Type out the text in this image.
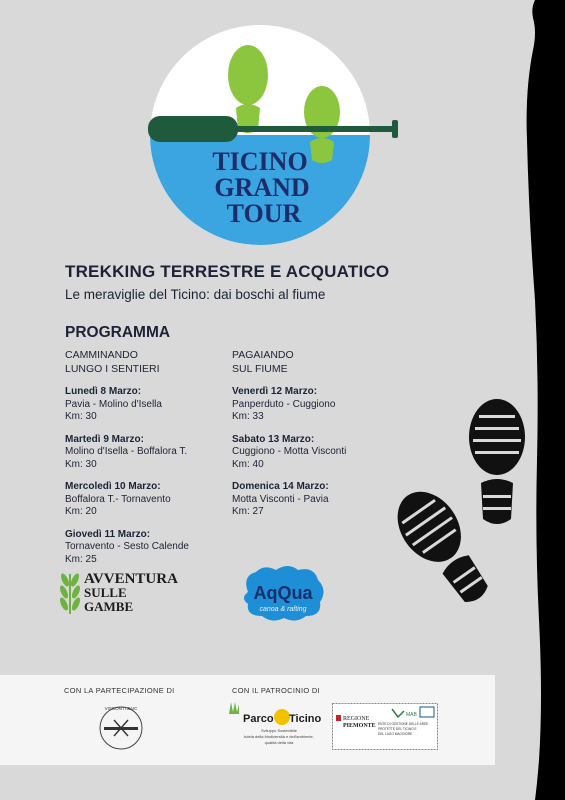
TICINO
GRAND
TOUR
TREKKING TERRESTRE E ACQUATICO
Le meraviglie del Ticino: dai boschi al fiume
PROGRAMMA
CAMMINANDO
LUNGO I SENTIERI
Lunedì 8 Marzo:
Pavia - Molino d'Isella
Km: 30
Martedì 9 Marzo:
Molino d'Isella - Boffalora T.
Km: 30
Mercoledì 10 Marzo:
Boffalora T.- Tornavento
Km: 20
Giovedì 11 Marzo:
Tornavento - Sesto Calende
Km: 25
PAGAIANDO
SUL FIUME
Venerdì 12 Marzo:
Panperduto - Cuggiono
Km: 33
Sabato 13 Marzo:
Cuggiono - Motta Visconti
Km: 40
Domenica 14 Marzo:
Motta Visconti - Pavia
Km: 27
AVVENTURA
SULLE
GAMBE
AqQua
canoa & rafting
CON LA PARTECIPAZIONE DI	CON IL PATROCINIO DI
VISCONTI ZAIC
Parco Ticino
Sviluppo Sostenibile
tutela della biodiversità e dell'ambiente,
qualità della vita
REGIONE
PIEMONTE
MAB
ENTE DI GESTIONE DELLE AREE
PROTETTE DEL TICINO E
DEL LAGO MAGGIORE
